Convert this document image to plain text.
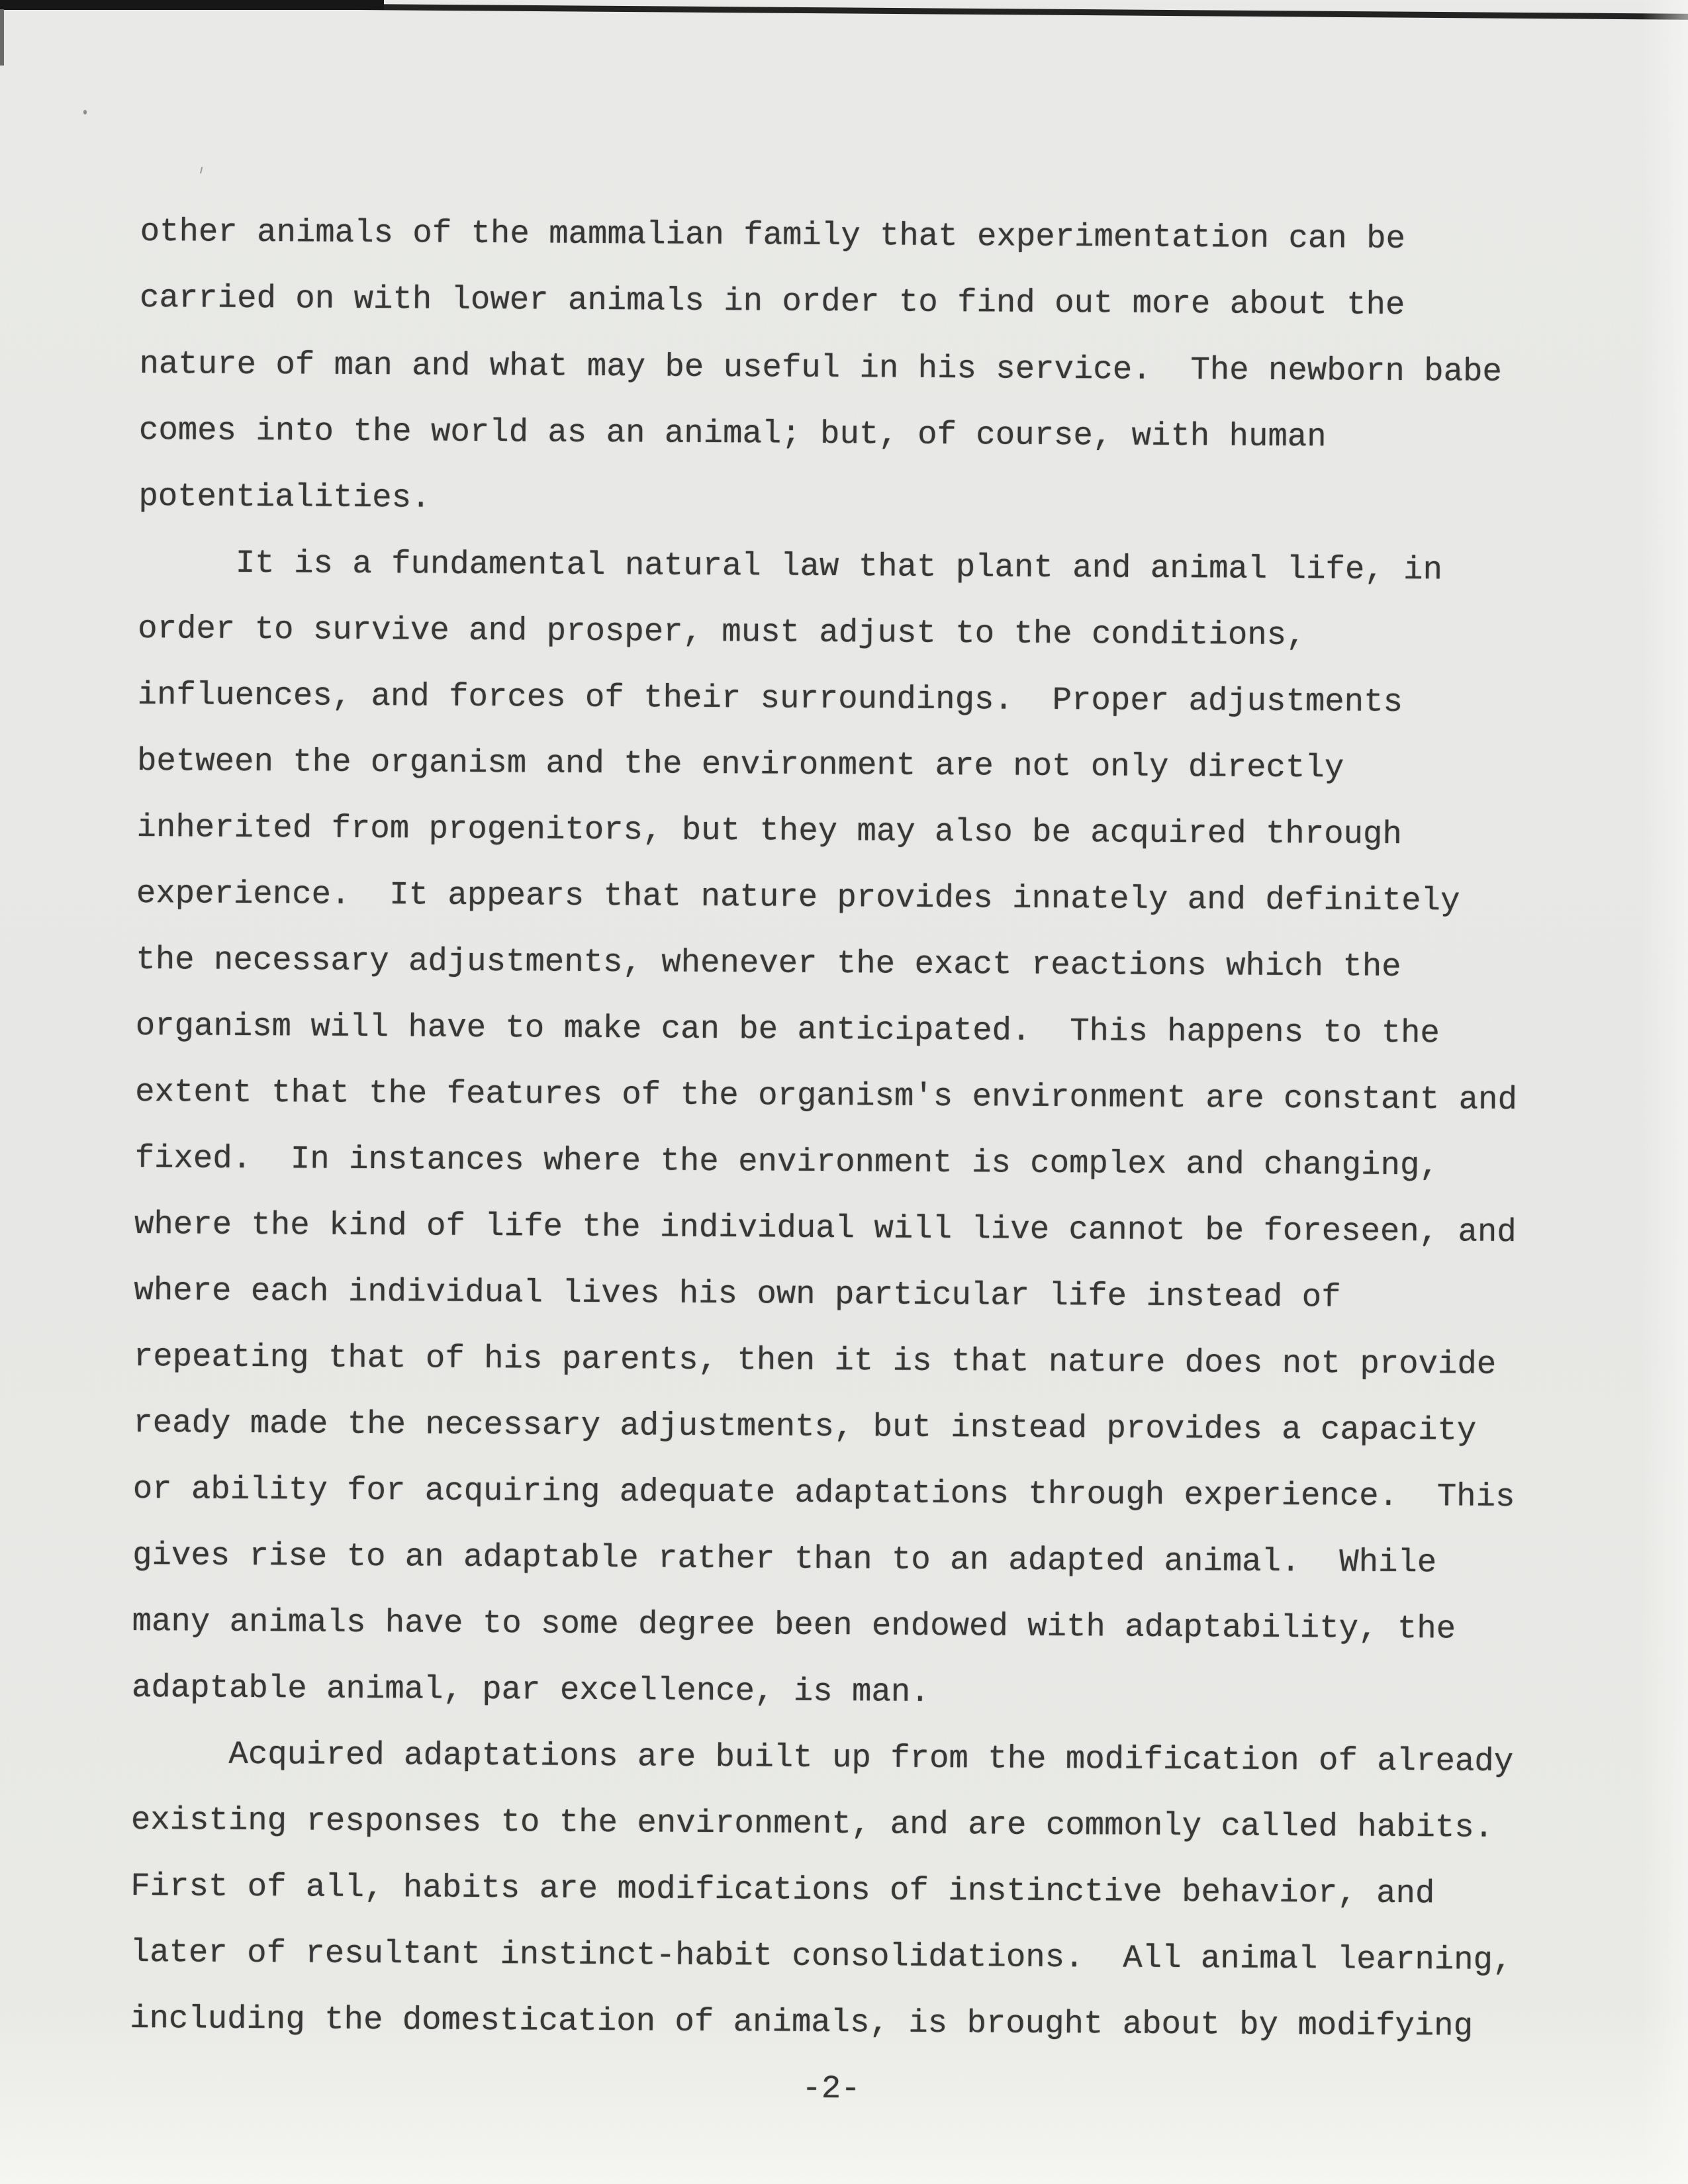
other animals of the mammalian family that experimentation can be
carried on with lower animals in order to find out more about the
nature of man and what may be useful in his service.  The newborn babe
comes into the world as an animal; but, of course, with human
potentialities.
It is a fundamental natural law that plant and animal life, in
order to survive and prosper, must adjust to the conditions,
influences, and forces of their surroundings.  Proper adjustments
between the organism and the environment are not only directly
inherited from progenitors, but they may also be acquired through
experience.  It appears that nature provides innately and definitely
the necessary adjustments, whenever the exact reactions which the
organism will have to make can be anticipated.  This happens to the
extent that the features of the organism's environment are constant and
fixed.  In instances where the environment is complex and changing,
where the kind of life the individual will live cannot be foreseen, and
where each individual lives his own particular life instead of
repeating that of his parents, then it is that nature does not provide
ready made the necessary adjustments, but instead provides a capacity
or ability for acquiring adequate adaptations through experience.  This
gives rise to an adaptable rather than to an adapted animal.  While
many animals have to some degree been endowed with adaptability, the
adaptable animal, par excellence, is man.
Acquired adaptations are built up from the modification of already
existing responses to the environment, and are commonly called habits.
First of all, habits are modifications of instinctive behavior, and
later of resultant instinct-habit consolidations.  All animal learning,
including the domestication of animals, is brought about by modifying
-2-
